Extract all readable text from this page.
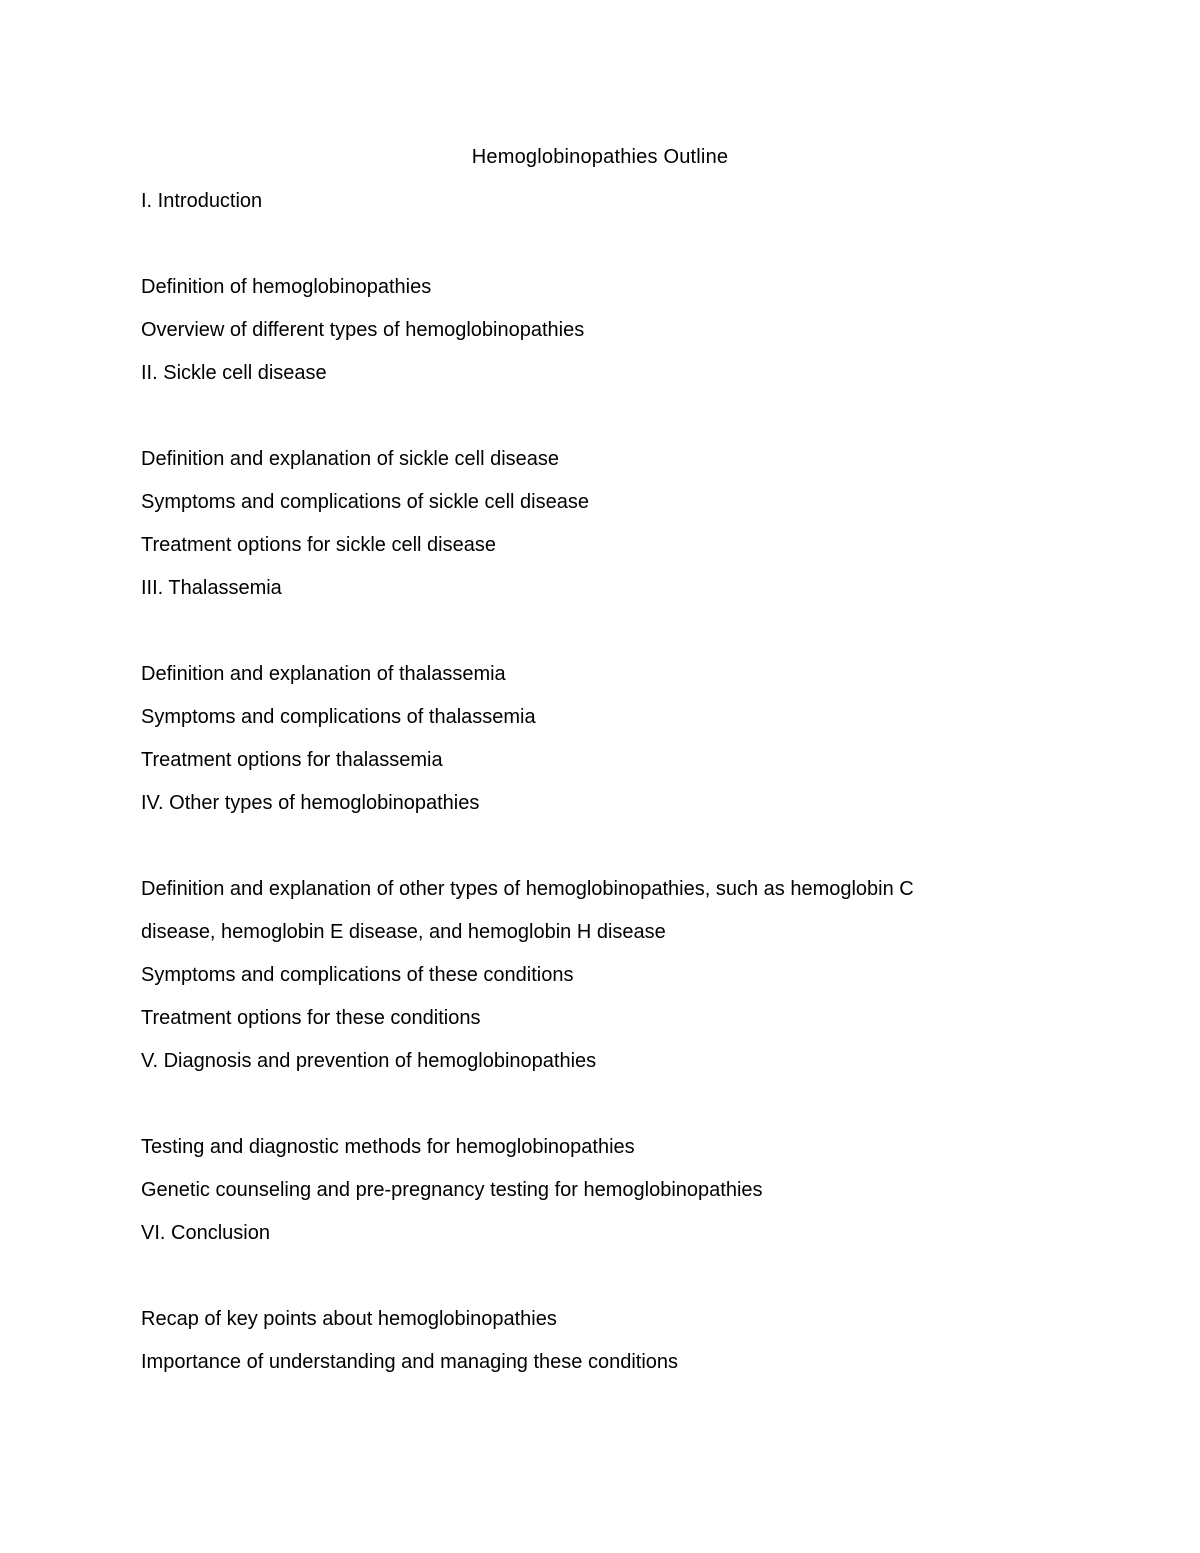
Hemoglobinopathies Outline
I. Introduction
Definition of hemoglobinopathies
Overview of different types of hemoglobinopathies
II. Sickle cell disease
Definition and explanation of sickle cell disease
Symptoms and complications of sickle cell disease
Treatment options for sickle cell disease
III. Thalassemia
Definition and explanation of thalassemia
Symptoms and complications of thalassemia
Treatment options for thalassemia
IV. Other types of hemoglobinopathies
Definition and explanation of other types of hemoglobinopathies, such as hemoglobin C
disease, hemoglobin E disease, and hemoglobin H disease
Symptoms and complications of these conditions
Treatment options for these conditions
V. Diagnosis and prevention of hemoglobinopathies
Testing and diagnostic methods for hemoglobinopathies
Genetic counseling and pre-pregnancy testing for hemoglobinopathies
VI. Conclusion
Recap of key points about hemoglobinopathies
Importance of understanding and managing these conditions
